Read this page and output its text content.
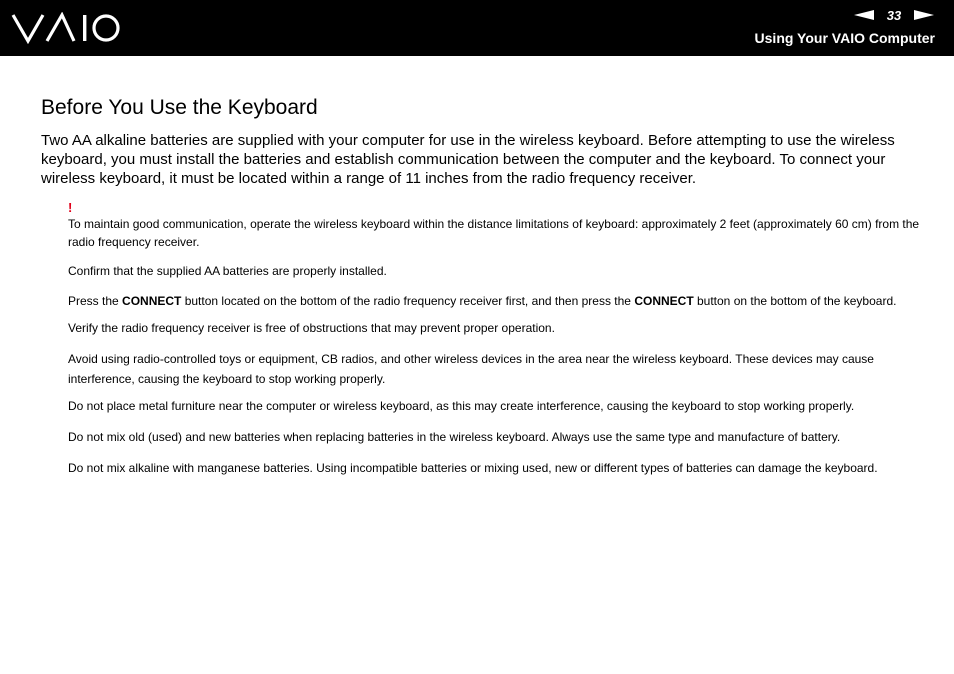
33
Using Your VAIO Computer
Before You Use the Keyboard

Two AA alkaline batteries are supplied with your computer for use in the wireless keyboard. Before attempting to use the wireless keyboard, you must install the batteries and establish communication between the computer and the keyboard. To connect your wireless keyboard, it must be located within a range of 11 inches from the radio frequency receiver.

!

To maintain good communication, operate the wireless keyboard within the distance limitations of keyboard: approximately 2 feet (approximately 60 cm) from the radio frequency receiver.

Confirm that the supplied AA batteries are properly installed.

Press the CONNECT button located on the bottom of the radio frequency receiver first, and then press the CONNECT button on the bottom of the keyboard.

Verify the radio frequency receiver is free of obstructions that may prevent proper operation.

Avoid using radio-controlled toys or equipment, CB radios, and other wireless devices in the area near the wireless keyboard. These devices may cause interference, causing the keyboard to stop working properly.

Do not place metal furniture near the computer or wireless keyboard, as this may create interference, causing the keyboard to stop working properly.

Do not mix old (used) and new batteries when replacing batteries in the wireless keyboard. Always use the same type and manufacture of battery.

Do not mix alkaline with manganese batteries. Using incompatible batteries or mixing used, new or different types of batteries can damage the keyboard.
